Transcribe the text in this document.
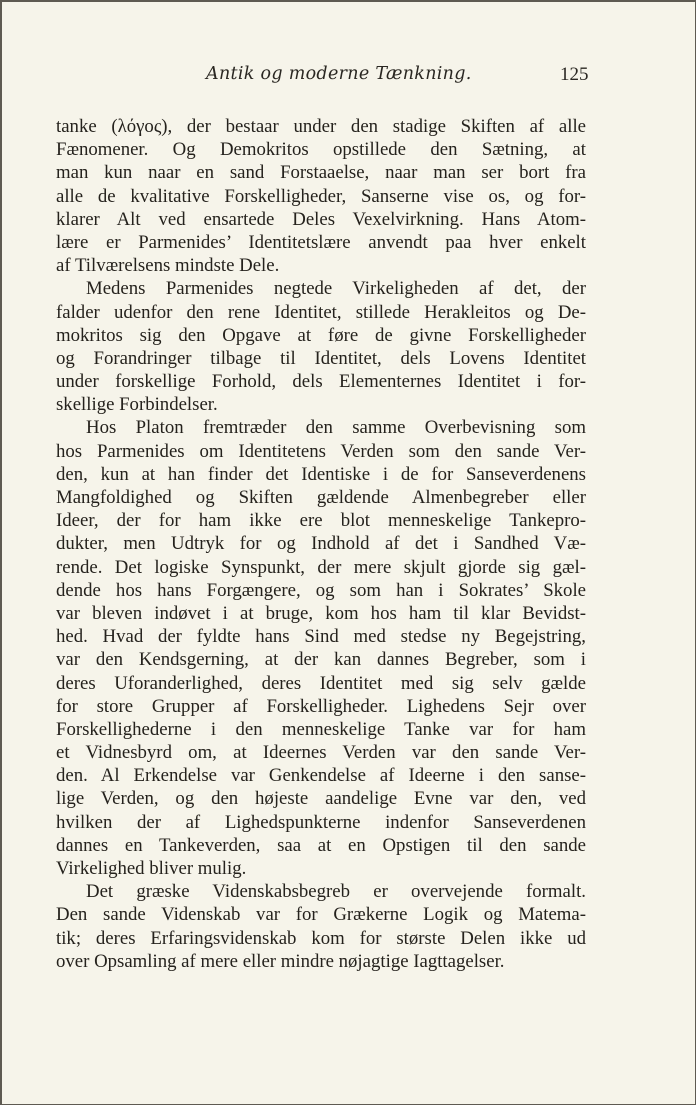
Antik og moderne Tænkning.	125
tanke (λόγος), der bestaar under den stadige Skiften af alle
Fænomener. Og Demokritos opstillede den Sætning, at
man kun naar en sand Forstaaelse, naar man ser bort fra
alle de kvalitative Forskelligheder, Sanserne vise os, og for-
klarer Alt ved ensartede Deles Vexelvirkning. Hans Atom-
lære er Parmenides’ Identitetslære anvendt paa hver enkelt
af Tilværelsens mindste Dele.
Medens Parmenides negtede Virkeligheden af det, der
falder udenfor den rene Identitet, stillede Herakleitos og De-
mokritos sig den Opgave at føre de givne Forskelligheder
og Forandringer tilbage til Identitet, dels Lovens Identitet
under forskellige Forhold, dels Elementernes Identitet i for-
skellige Forbindelser.
Hos Platon fremtræder den samme Overbevisning som
hos Parmenides om Identitetens Verden som den sande Ver-
den, kun at han finder det Identiske i de for Sanseverdenens
Mangfoldighed og Skiften gældende Almenbegreber eller
Ideer, der for ham ikke ere blot menneskelige Tankepro-
dukter, men Udtryk for og Indhold af det i Sandhed Væ-
rende. Det logiske Synspunkt, der mere skjult gjorde sig gæl-
dende hos hans Forgængere, og som han i Sokrates’ Skole
var bleven indøvet i at bruge, kom hos ham til klar Bevidst-
hed. Hvad der fyldte hans Sind med stedse ny Begejstring,
var den Kendsgerning, at der kan dannes Begreber, som i
deres Uforanderlighed, deres Identitet med sig selv gælde
for store Grupper af Forskelligheder. Lighedens Sejr over
Forskellighederne i den menneskelige Tanke var for ham
et Vidnesbyrd om, at Ideernes Verden var den sande Ver-
den. Al Erkendelse var Genkendelse af Ideerne i den sanse-
lige Verden, og den højeste aandelige Evne var den, ved
hvilken der af Lighedspunkterne indenfor Sanseverdenen
dannes en Tankeverden, saa at en Opstigen til den sande
Virkelighed bliver mulig.
Det græske Videnskabsbegreb er overvejende formalt.
Den sande Videnskab var for Grækerne Logik og Matema-
tik; deres Erfaringsvidenskab kom for største Delen ikke ud
over Opsamling af mere eller mindre nøjagtige Iagttagelser.
